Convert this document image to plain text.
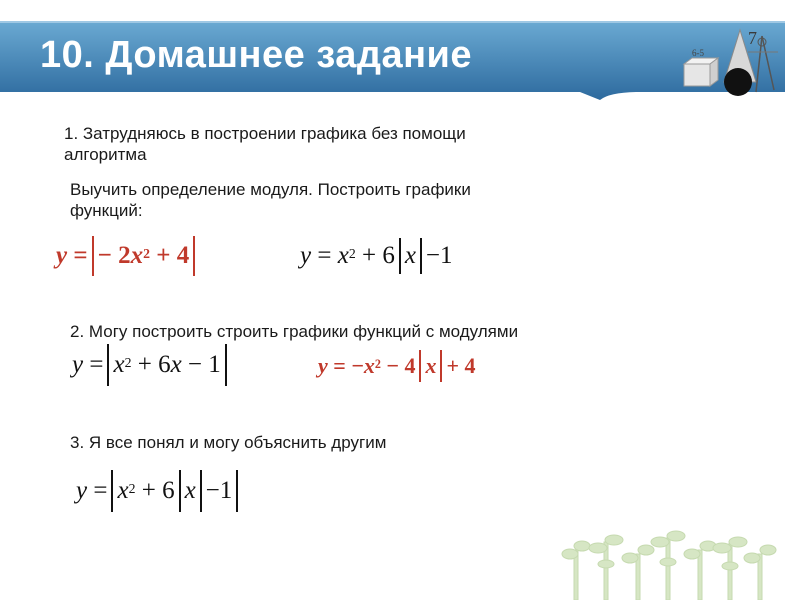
10. Домашнее задание	7
6-5
1. Затрудняюсь в построении графика без помощи
алгоритма
Выучить определение модуля. Построить графики
функций:
y
= −
2 $x^2$
+
4	y
=
$x^2$
+
6 x − 1
2. Могу построить строить графики функций с модулями
y
= $x^2$
+
6 x
−
1	y
=
− $x^2$
−
4 x +
4
3. Я все понял и могу объяснить другим
y
= $x^2$
+
6 x − 1
